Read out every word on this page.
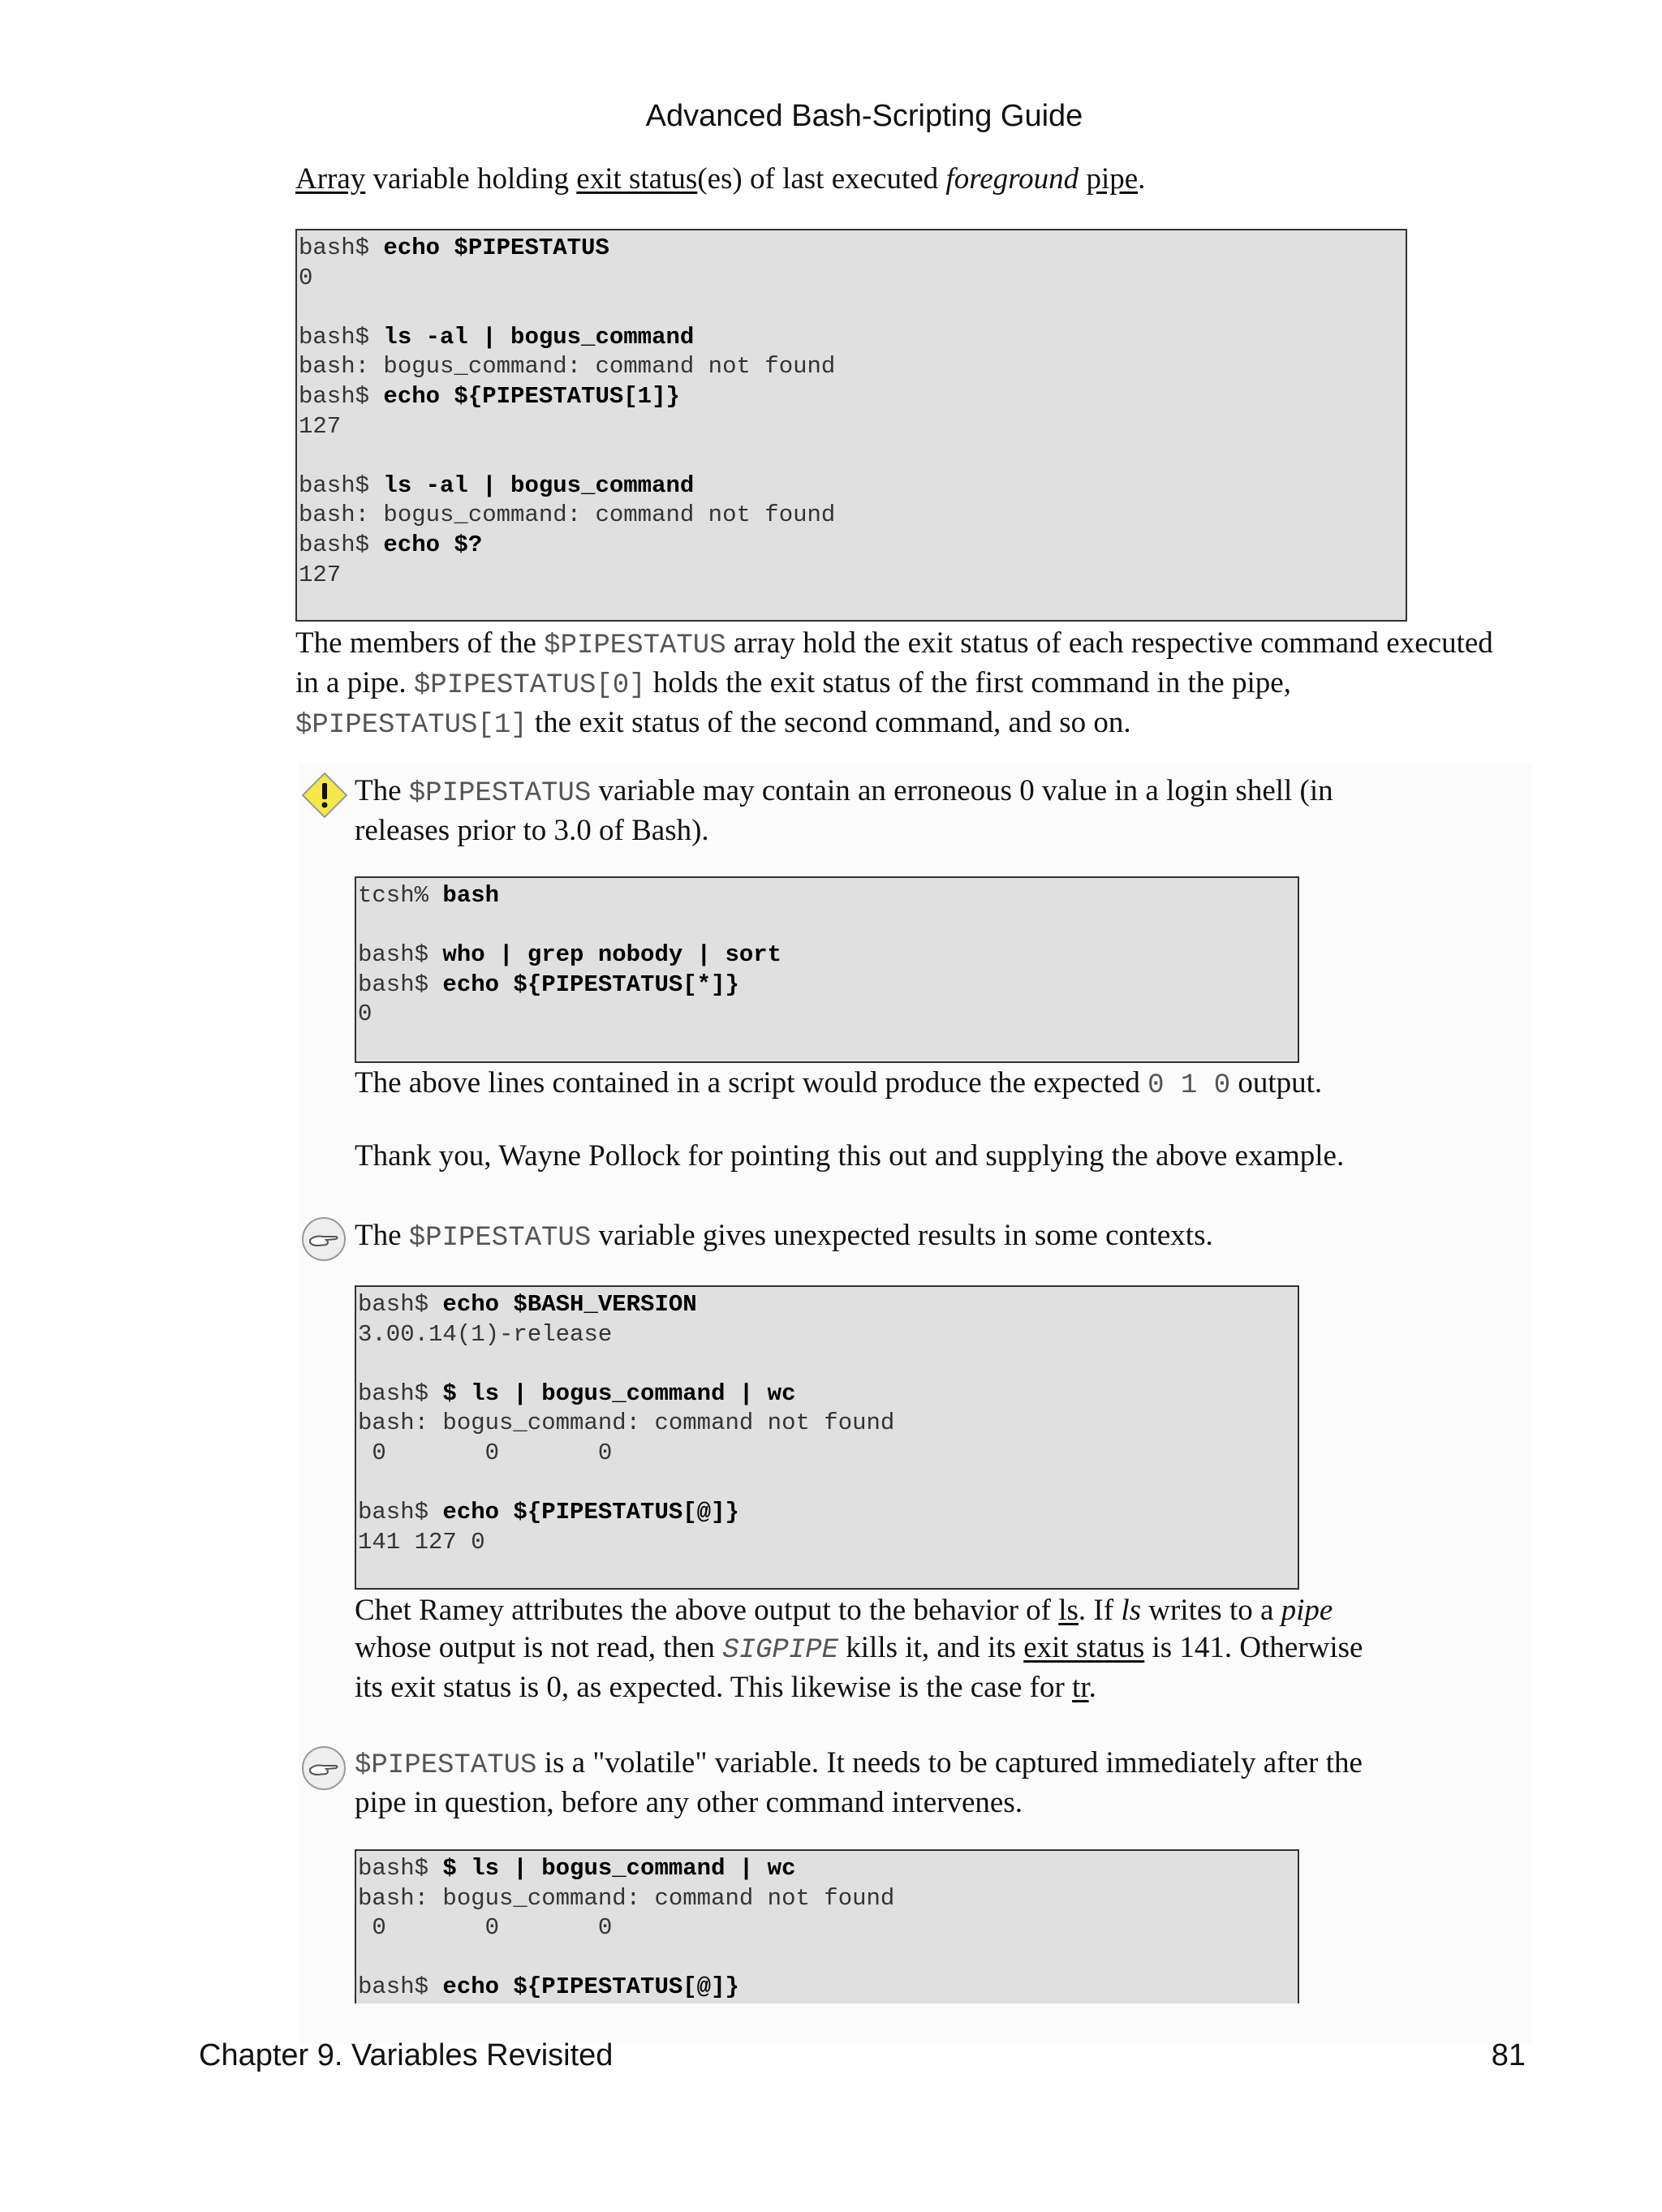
Advanced Bash-Scripting Guide
Array variable holding exit status(es) of last executed foreground pipe.
bash$ echo $PIPESTATUS
0
bash$ ls -al | bogus_command
bash: bogus_command: command not found
bash$ echo ${PIPESTATUS[1]}
127
bash$ ls -al | bogus_command
bash: bogus_command: command not found
bash$ echo $?
127
The members of the $PIPESTATUS array hold the exit status of each respective command executed
in a pipe. $PIPESTATUS[0] holds the exit status of the first command in the pipe,
$PIPESTATUS[1] the exit status of the second command, and so on.
The $PIPESTATUS variable may contain an erroneous 0 value in a login shell (in
releases prior to 3.0 of Bash).
tcsh% bash
bash$ who | grep nobody | sort
bash$ echo ${PIPESTATUS[*]}
0
The above lines contained in a script would produce the expected 0 1 0 output.
Thank you, Wayne Pollock for pointing this out and supplying the above example.
The $PIPESTATUS variable gives unexpected results in some contexts.
bash$ echo $BASH_VERSION
3.00.14(1)-release
bash$ $ ls | bogus_command | wc
bash: bogus_command: command not found
0       0       0
bash$ echo ${PIPESTATUS[@]}
141 127 0
Chet Ramey attributes the above output to the behavior of ls. If ls writes to a pipe
whose output is not read, then SIGPIPE kills it, and its exit status is 141. Otherwise
its exit status is 0, as expected. This likewise is the case for tr.
$PIPESTATUS is a "volatile" variable. It needs to be captured immediately after the
pipe in question, before any other command intervenes.
bash$ $ ls | bogus_command | wc
bash: bogus_command: command not found
0       0       0
bash$ echo ${PIPESTATUS[@]}
Chapter 9. Variables Revisited	81
